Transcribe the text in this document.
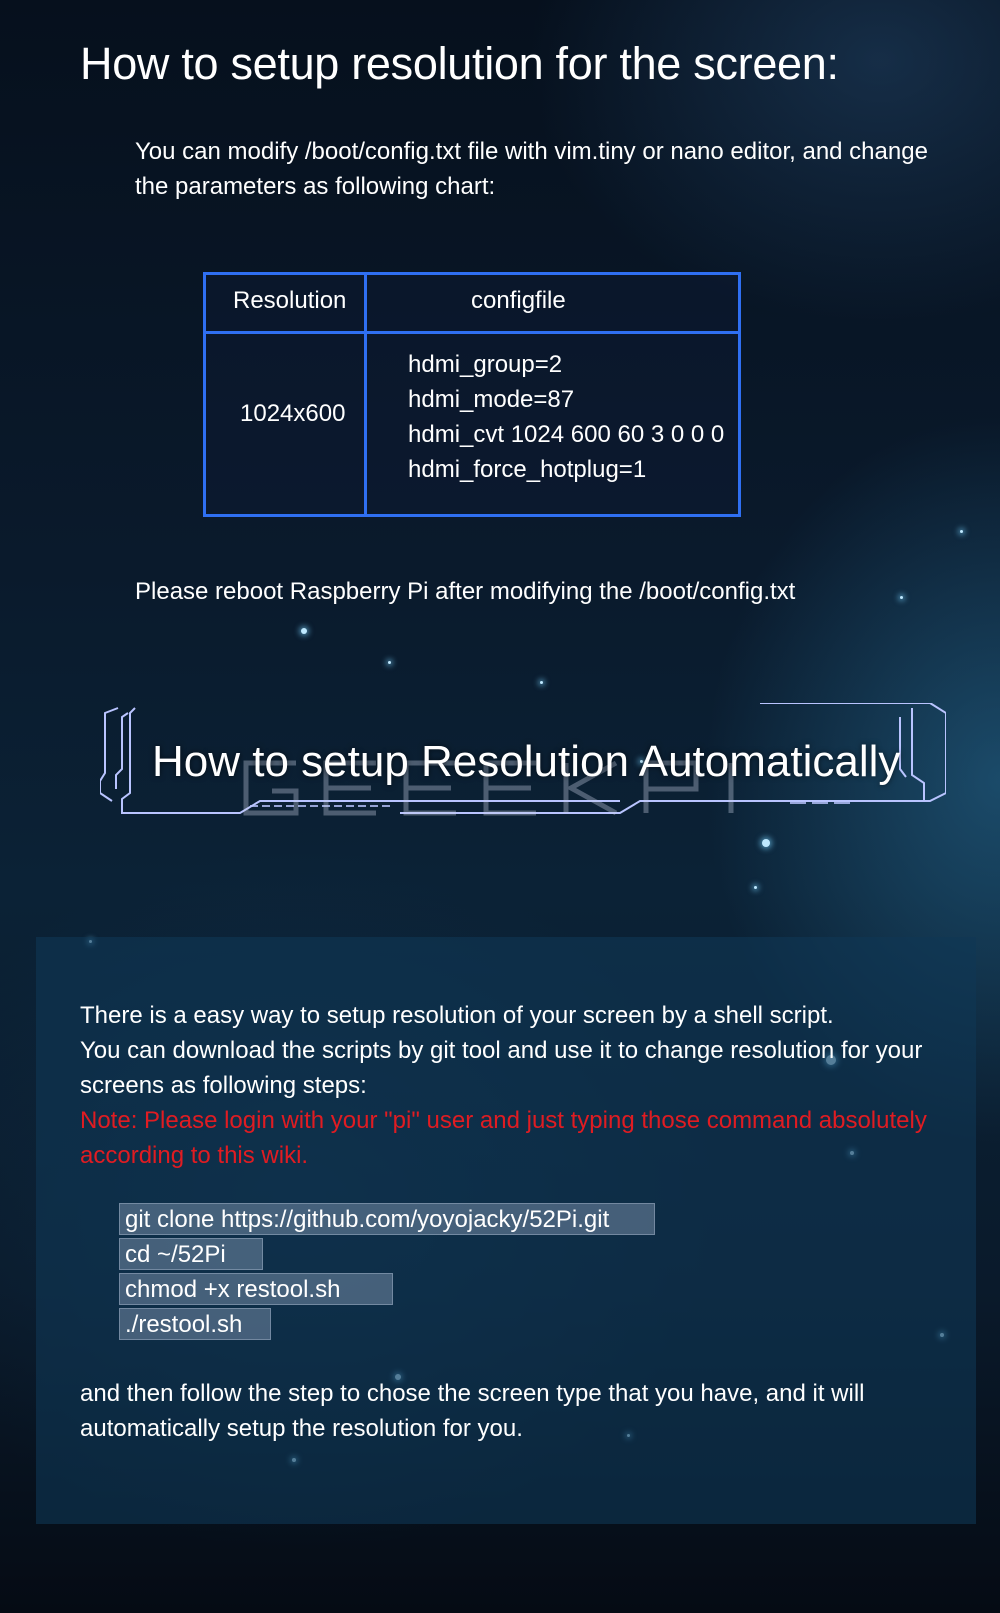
How to setup resolution for the screen:

You can modify /boot/config.txt file with vim.tiny or nano editor, and change the parameters as following chart:

Resolution	configfile
1024x600
hdmi_group=2
hdmi_mode=87
hdmi_cvt 1024 600 60 3 0 0 0
hdmi_force_hotplug=1

Please reboot Raspberry Pi after modifying the /boot/config.txt

How to setup Resolution Automatically

There is a easy way to setup resolution of your screen by a shell script.
You can download the scripts by git tool and use it to change resolution for your screens as following steps:
Note: Please login with your "pi" user and just typing those command absolutely according to this wiki.

git clone https://github.com/yoyojacky/52Pi.git
cd ~/52Pi
chmod +x restool.sh
./restool.sh

and then follow the step to chose the screen type that you have, and it will automatically setup the resolution for you.
